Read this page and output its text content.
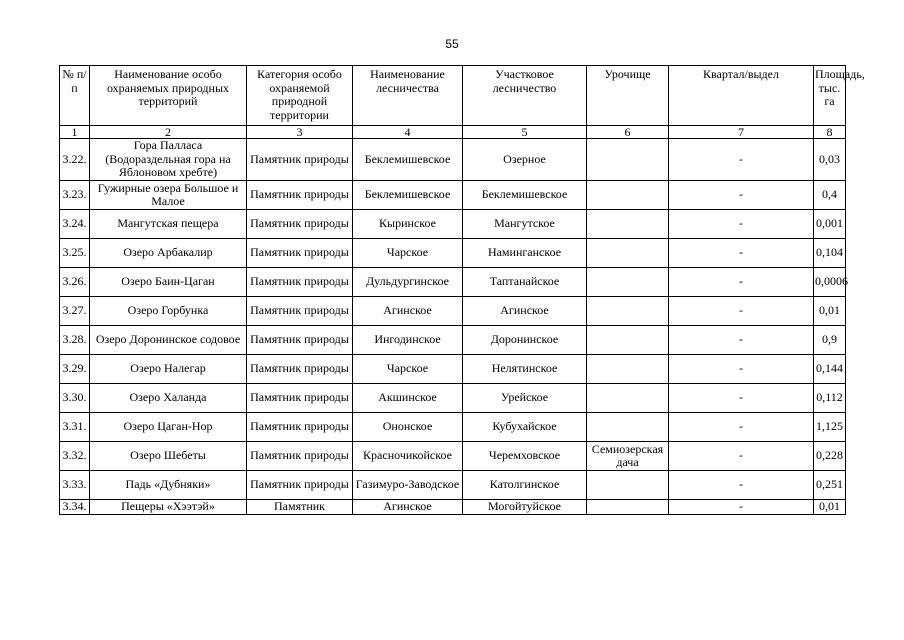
55
№ п/п	Наименование особо охраняемых природных территорий	Категория особо охраняемой природной территории	Наименование лесничества	Участковое лесничество	Урочище	Квартал/выдел	Площадь, тыс. га
1	2	3	4	5	6	7	8
3.22.	Гора Палласа (Водораздельная гора на Яблоновом хребте)	Памятник природы	Беклемишевское	Озерное		-	0,03
3.23.	Гужирные озера Большое и Малое	Памятник природы	Беклемишевское	Беклемишевское		-	0,4
3.24.	Мангутская пещера	Памятник природы	Кыринское	Мангутское		-	0,001
3.25.	Озеро Арбакалир	Памятник природы	Чарское	Наминганское		-	0,104
3.26.	Озеро Баин-Цаган	Памятник природы	Дульдургинское	Таптанайское		-	0,0006
3.27.	Озеро Горбунка	Памятник природы	Агинское	Агинское		-	0,01
3.28.	Озеро Доронинское содовое	Памятник природы	Ингодинское	Доронинское		-	0,9
3.29.	Озеро Налегар	Памятник природы	Чарское	Нелятинское		-	0,144
3.30.	Озеро Халанда	Памятник природы	Акшинское	Урейское		-	0,112
3.31.	Озеро Цаган-Нор	Памятник природы	Ононское	Кубухайское		-	1,125
3.32.	Озеро Шебеты	Памятник природы	Красночикойское	Черемховское	Семиозерская дача	-	0,228
3.33.	Падь «Дубняки»	Памятник природы	Газимуро-Заводское	Католгинское		-	0,251
3.34.	Пещеры «Хээтэй»	Памятник	Агинское	Могойтуйское		-	0,01
